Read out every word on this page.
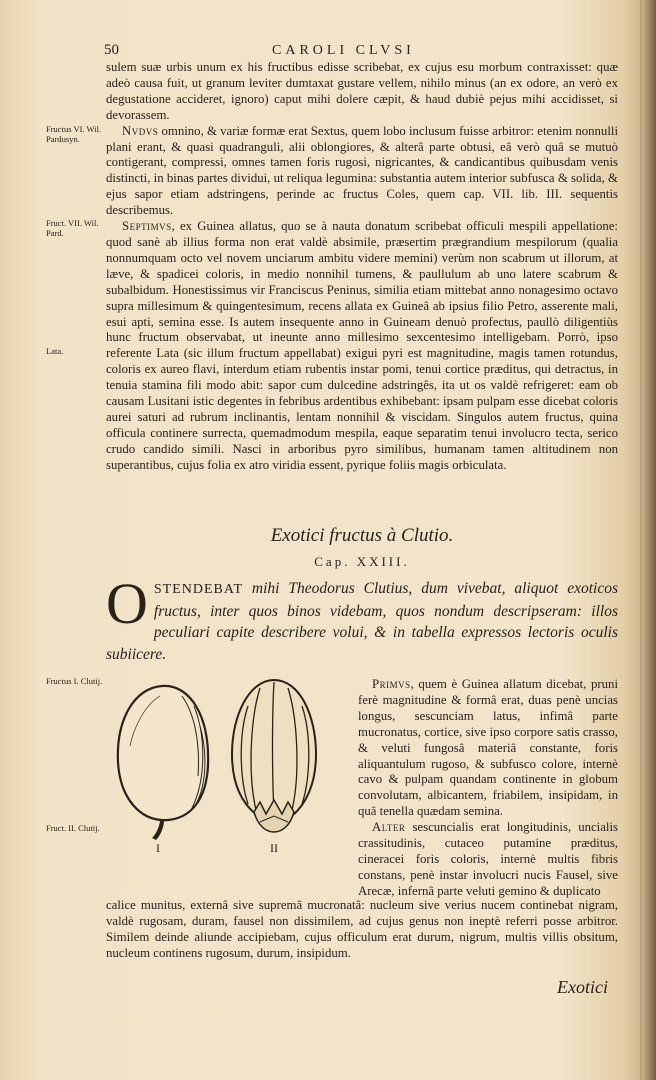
50	CAROLI CLVSI
Fructus VI. Wil. Pardusyn.
Fruct. VII. Wil. Pard.
Lata.
Fructus I. Clutij.
Fruct. II. Clutij.

sulem suæ urbis unum ex his fructibus edisse scribebat, ex cujus esu morbum contraxisset: quæ adeò causa fuit, ut granum leviter dumtaxat gustare vellem, nihilo minus (an ex odore, an verò ex degustatione accideret, ignoro) caput mihi dolere cæpit, & haud dubiè pejus mihi accidisset, si devorassem.

Nvdvs omnino, & variæ formæ erat Sextus, quem lobo inclusum fuisse arbitror: etenim nonnulli plani erant, & quasi quadranguli, alii oblongiores, & alterâ parte obtusi, eâ verò quâ se mutuò contigerant, compressi, omnes tamen foris rugosi, nigricantes, & candicantibus quibusdam venis distincti, in binas partes dividui, ut reliqua legumina: substantia autem interior subfusca & solida, & ejus sapor etiam adstringens, perinde ac fructus Coles, quem cap. VII. lib. III. sequentis describemus.

Septimvs, ex Guinea allatus, quo se à nauta donatum scribebat officuli mespili appellatione: quod sanè ab illius forma non erat valdè absimile, præsertim prægrandium mespilorum (qualia nonnumquam octo vel novem unciarum ambitu videre memini) verùm non scabrum ut illorum, at læve, & spadicei coloris, in medio nonnihil tumens, & paullulum ab uno latere scabrum & subalbidum. Honestissimus vir Franciscus Peninus, similia etiam mittebat anno nonagesimo octavo supra millesimum & quingentesimum, recens allata ex Guineâ ab ipsius filio Petro, asserente mali, esui apti, semina esse. Is autem insequente anno in Guineam denuò profectus, paullò diligentiùs hunc fructum observabat, ut ineunte anno millesimo sexcentesimo intelligebam. Porrò, ipso referente Lata (sic illum fructum appellabat) exigui pyri est magnitudine, magis tamen rotundus, coloris ex aureo flavi, interdum etiam rubentis instar pomi, tenui cortice præditus, qui detractus, in tenuia stamina fili modo abit: sapor cum dulcedine adstringês, ita ut os valdè refrigeret: eam ob causam Lusitani istic degentes in febribus ardentibus exhibebant: ipsam pulpam esse dicebat coloris aurei saturi ad rubrum inclinantis, lentam nonnihil & viscidam. Singulos autem fructus, quina officula continere surrecta, quemadmodum mespila, eaque separatim tenui involucro tecta, serico crudo candido simili. Nasci in arboribus pyro similibus, humanam tamen altitudinem non superantibus, cujus folia ex atro viridia essent, pyrique foliis magis orbiculata.

Exotici fructus à Clutio.
Cap. XXIII.
OSTENDEBAT mihi Theodorus Clutius, dum vivebat, aliquot exoticos fructus, inter quos binos videbam, quos nondum descripseram: illos peculiari capite describere volui, & in tabella expressos lectoris oculis subiicere.
I	II

Primvs, quem è Guinea allatum dicebat, pruni ferè magnitudine & formâ erat, duas penè uncias longus, sescunciam latus, infimâ parte mucronatus, cortice, sive ipso corpore satis crasso, & veluti fungosâ materiâ constante, foris aliquantulum rugoso, & subfusco colore, internè cavo & pulpam quandam continente in globum convolutam, albicantem, friabilem, insipidam, in quâ tenella quædam semina.

Alter sescuncialis erat longitudinis, uncialis crassitudinis, cutaceo putamine præditus, cineracei foris coloris, internè multis fibris constans, penè instar involucri nucis Fausel, sive Arecæ, infernâ parte veluti gemino & duplicato

calice munitus, externâ sive supremâ mucronatâ: nucleum sive verius nucem continebat nigram, valdè rugosam, duram, fausel non dissimilem, ad cujus genus non ineptè referri posse arbitror. Similem deinde aliunde accipiebam, cujus officulum erat durum, nigrum, multis villis obsitum, nucleum continens rugosum, durum, insipidum.

Exotici
